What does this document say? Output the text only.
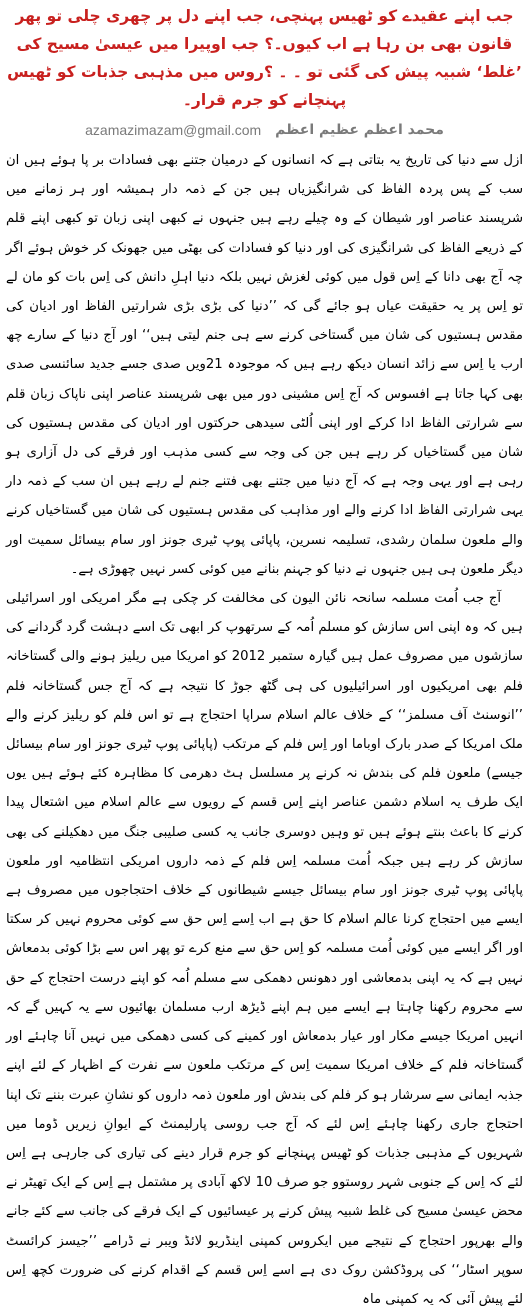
جب اپنے عقیدے کو ٹھیس پہنچی، جب اپنے دل پر چھری چلی تو پھر قانون بھی بن رہا ہے اب کیوں۔؟ جب اوپیرا میں عیسیٰ مسیح کی ’غلط‘ شبیہ پیش کی گئی تو ۔ ۔ ؟روس میں مذہبی جذبات کو ٹھیس پہنچانے کو جرم قرار۔
محمد اعظم عظیم اعظم
azamazimazam@gmail.com

ازل سے دنیا کی تاریخ یہ بتاتی ہے کہ انسانوں کے درمیان جتنے بھی فسادات بر پا ہوئے ہیں ان سب کے پس پردہ الفاظ کی شرانگیزیاں ہیں جن کے ذمہ دار ہمیشہ اور ہر زمانے میں شرپسند عناصر اور شیطان کے وہ چیلے رہے ہیں جنہوں نے کبھی اپنی زبان تو کبھی اپنے قلم کے ذریعے الفاظ کی شرانگیزی کی اور دنیا کو فسادات کی بھٹی میں جھونک کر خوش ہوئے اگر چہ آج بھی دانا کے اِس قول میں کوئی لغزش نہیں بلکہ دنیا اہلِ دانش کی اِس بات کو مان لے تو اِس پر یہ حقیقت عیاں ہو جائے گی کہ ’’دنیا کی بڑی بڑی شرارتیں الفاظ اور ادیان کی مقدس ہستیوں کی شان میں گستاخی کرنے سے ہی جنم لیتی ہیں‘‘ اور آج دنیا کے سارے چھ ارب یا اِس سے زائد انسان دیکھ رہے ہیں کہ موجودہ 21ویں صدی جسے جدید سائنسی صدی بھی کہا جاتا ہے افسوس کہ آج اِس مشینی دور میں بھی شرپسند عناصر اپنی ناپاک زبان قلم سے شرارتی الفاظ ادا کرکے اور اپنی اُلٹی سیدھی حرکتوں اور ادیان کی مقدس ہستیوں کی شان میں گستاخیاں کر رہے ہیں جن کی وجہ سے کسی مذہب اور فرقے کی دل آزاری ہو رہی ہے اور یہی وجہ ہے کہ آج دنیا میں جتنے بھی فتنے جنم لے رہے ہیں ان سب کے ذمہ دار یہی شرارتی الفاظ ادا کرنے والے اور مذاہب کی مقدس ہستیوں کی شان میں گستاخیاں کرنے والے ملعون سلمان رشدی، تسلیمہ نسرین، پاپائی پوپ ٹیری جونز اور سام بیسائل سمیت اور دیگر ملعون ہی ہیں جنہوں نے دنیا کو جہنم بنانے میں کوئی کسر نہیں چھوڑی ہے۔

آج جب اُمت مسلمہ سانحہ نائن الیون کی مخالفت کر چکی ہے مگر امریکی اور اسرائیلی ہیں کہ وہ اپنی اس سازش کو مسلم اُمہ کے سرتھوپ کر ابھی تک اسے دہشت گرد گردانے کی سازشوں میں مصروف عمل ہیں گیارہ ستمبر 2012 کو امریکا میں ریلیز ہونے والی گستاخانہ فلم بھی امریکیوں اور اسرائیلیوں کی ہی گٹھ جوڑ کا نتیجہ ہے کہ آج جس گستاخانہ فلم ’’انوسنٹ آف مسلمز‘‘ کے خلاف عالم اسلام سراپا احتجاج ہے تو اس فلم کو ریلیز کرنے والے ملک امریکا کے صدر بارک اوباما اور اِس فلم کے مرتکب (پاپائی پوپ ٹیری جونز اور سام بیسائل جیسے) ملعون فلم کی بندش نہ کرنے پر مسلسل ہٹ دھرمی کا مظاہرہ کئے ہوئے ہیں یوں ایک طرف یہ اسلام دشمن عناصر اپنے اِس قسم کے رویوں سے عالم اسلام میں اشتعال پیدا کرنے کا باعث بنتے ہوئے ہیں تو وہیں دوسری جانب یہ کسی صلیبی جنگ میں دھکیلنے کی بھی سازش کر رہے ہیں جبکہ اُمت مسلمہ اِس فلم کے ذمہ داروں امریکی انتظامیہ اور ملعون پاپائی پوپ ٹیری جونز اور سام بیسائل جیسے شیطانوں کے خلاف احتجاجوں میں مصروف ہے ایسے میں احتجاج کرنا عالم اسلام کا حق ہے اب اِسے اِس حق سے کوئی محروم نہیں کر سکتا اور اگر ایسے میں کوئی اُمت مسلمہ کو اِس حق سے منع کرے تو پھر اس سے بڑا کوئی بدمعاش نہیں ہے کہ یہ اپنی بدمعاشی اور دھونس دھمکی سے مسلم اُمہ کو اپنے درست احتجاج کے حق سے محروم رکھنا چاہتا ہے ایسے میں ہم اپنے ڈیڑھ ارب مسلمان بھائیوں سے یہ کہیں گے کہ انہیں امریکا جیسے مکار اور عیار بدمعاش اور کمینے کی کسی دھمکی میں نہیں آنا چاہئے اور گستاخانہ فلم کے خلاف امریکا سمیت اِس کے مرتکب ملعون سے نفرت کے اظہار کے لئے اپنے جذبہ ایمانی سے سرشار ہو کر فلم کی بندش اور ملعون ذمہ داروں کو نشانِ عبرت بننے تک اپنا احتجاج جاری رکھنا چاہئے اِس لئے کہ آج جب روسی پارلیمنٹ کے ایوانِ زیریں ڈوما میں شہریوں کے مذہبی جذبات کو ٹھیس پہنچانے کو جرم قرار دینے کی تیاری کی جارہی ہے اِس لئے کہ اِس کے جنوبی شہر روستوو جو صرف 10 لاکھ آبادی پر مشتمل ہے اِس کے ایک تھیٹر نے محض عیسیٰ مسیح کی غلط شبیہ پیش کرنے پر عیسائیوں کے ایک فرقے کی جانب سے کئے جانے والے بھرپور احتجاج کے نتیجے میں ایکروس کمپنی اینڈریو لائڈ ویبر نے ڈرامے ’’جیسز کرائسٹ سوپر اسٹار‘‘ کی پروڈکشن روک دی ہے اسے اِس قسم کے اقدام کرنے کی ضرورت کچھ اِس لئے پیش آئی کہ یہ کمپنی ماہ
